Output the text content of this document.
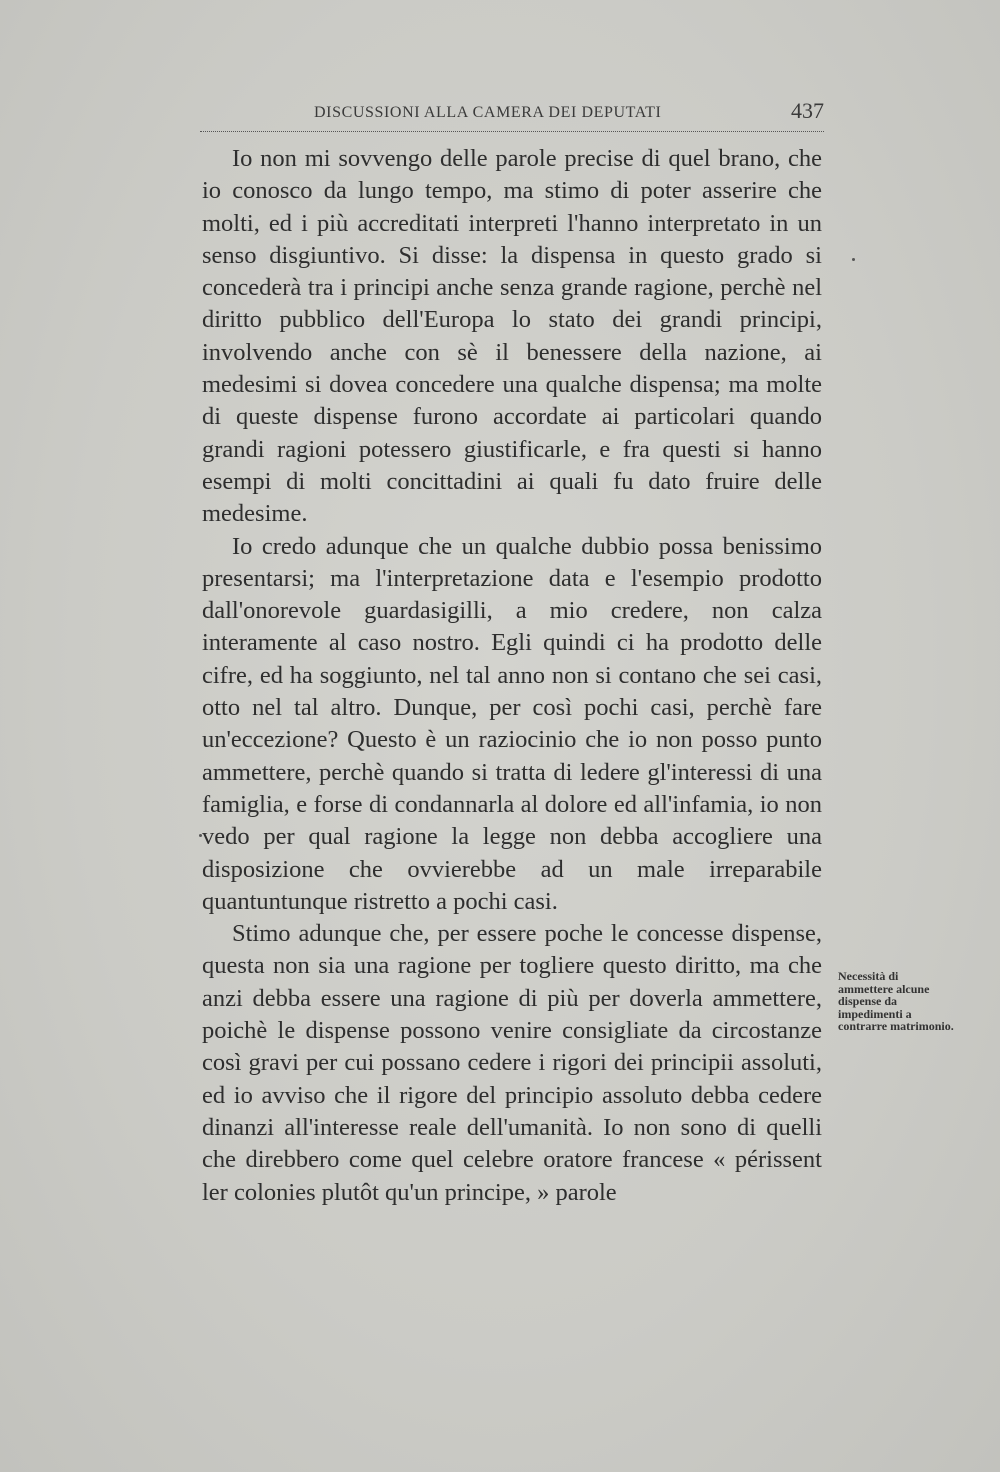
DISCUSSIONI ALLA CAMERA DEI DEPUTATI	437

Io non mi sovvengo delle parole precise di quel brano, che io conosco da lungo tempo, ma stimo di poter asserire che molti, ed i più accreditati interpreti l'hanno interpretato in un senso disgiuntivo. Si disse: la dispensa in questo grado si concederà tra i principi anche senza grande ragione, perchè nel diritto pubblico dell'Europa lo stato dei grandi principi, involvendo anche con sè il benessere della nazione, ai medesimi si dovea concedere una qualche dispensa; ma molte di queste dispense furono accordate ai particolari quando grandi ragioni potessero giustificarle, e fra questi si hanno esempi di molti concittadini ai quali fu dato fruire delle medesime.

Io credo adunque che un qualche dubbio possa benissimo presentarsi; ma l'interpretazione data e l'esempio prodotto dall'onorevole guardasigilli, a mio credere, non calza interamente al caso nostro. Egli quindi ci ha prodotto delle cifre, ed ha soggiunto, nel tal anno non si contano che sei casi, otto nel tal altro. Dunque, per così pochi casi, perchè fare un'eccezione? Questo è un raziocinio che io non posso punto ammettere, perchè quando si tratta di ledere gl'interessi di una famiglia, e forse di condannarla al dolore ed all'infamia, io non vedo per qual ragione la legge non debba accogliere una disposizione che ovvierebbe ad un male irreparabile quantuntunque ristretto a pochi casi.

Stimo adunque che, per essere poche le concesse dispense, questa non sia una ragione per togliere questo diritto, ma che anzi debba essere una ragione di più per doverla ammettere, poichè le dispense possono venire consigliate da circostanze così gravi per cui possano cedere i rigori dei principii assoluti, ed io avviso che il rigore del principio assoluto debba cedere dinanzi all'interesse reale dell'umanità. Io non sono di quelli che direbbero come quel celebre oratore francese « périssent ler colonies plutôt qu'un principe, » parole

Necessità di ammettere alcune dispense da impedimenti a contrarre matrimonio.
